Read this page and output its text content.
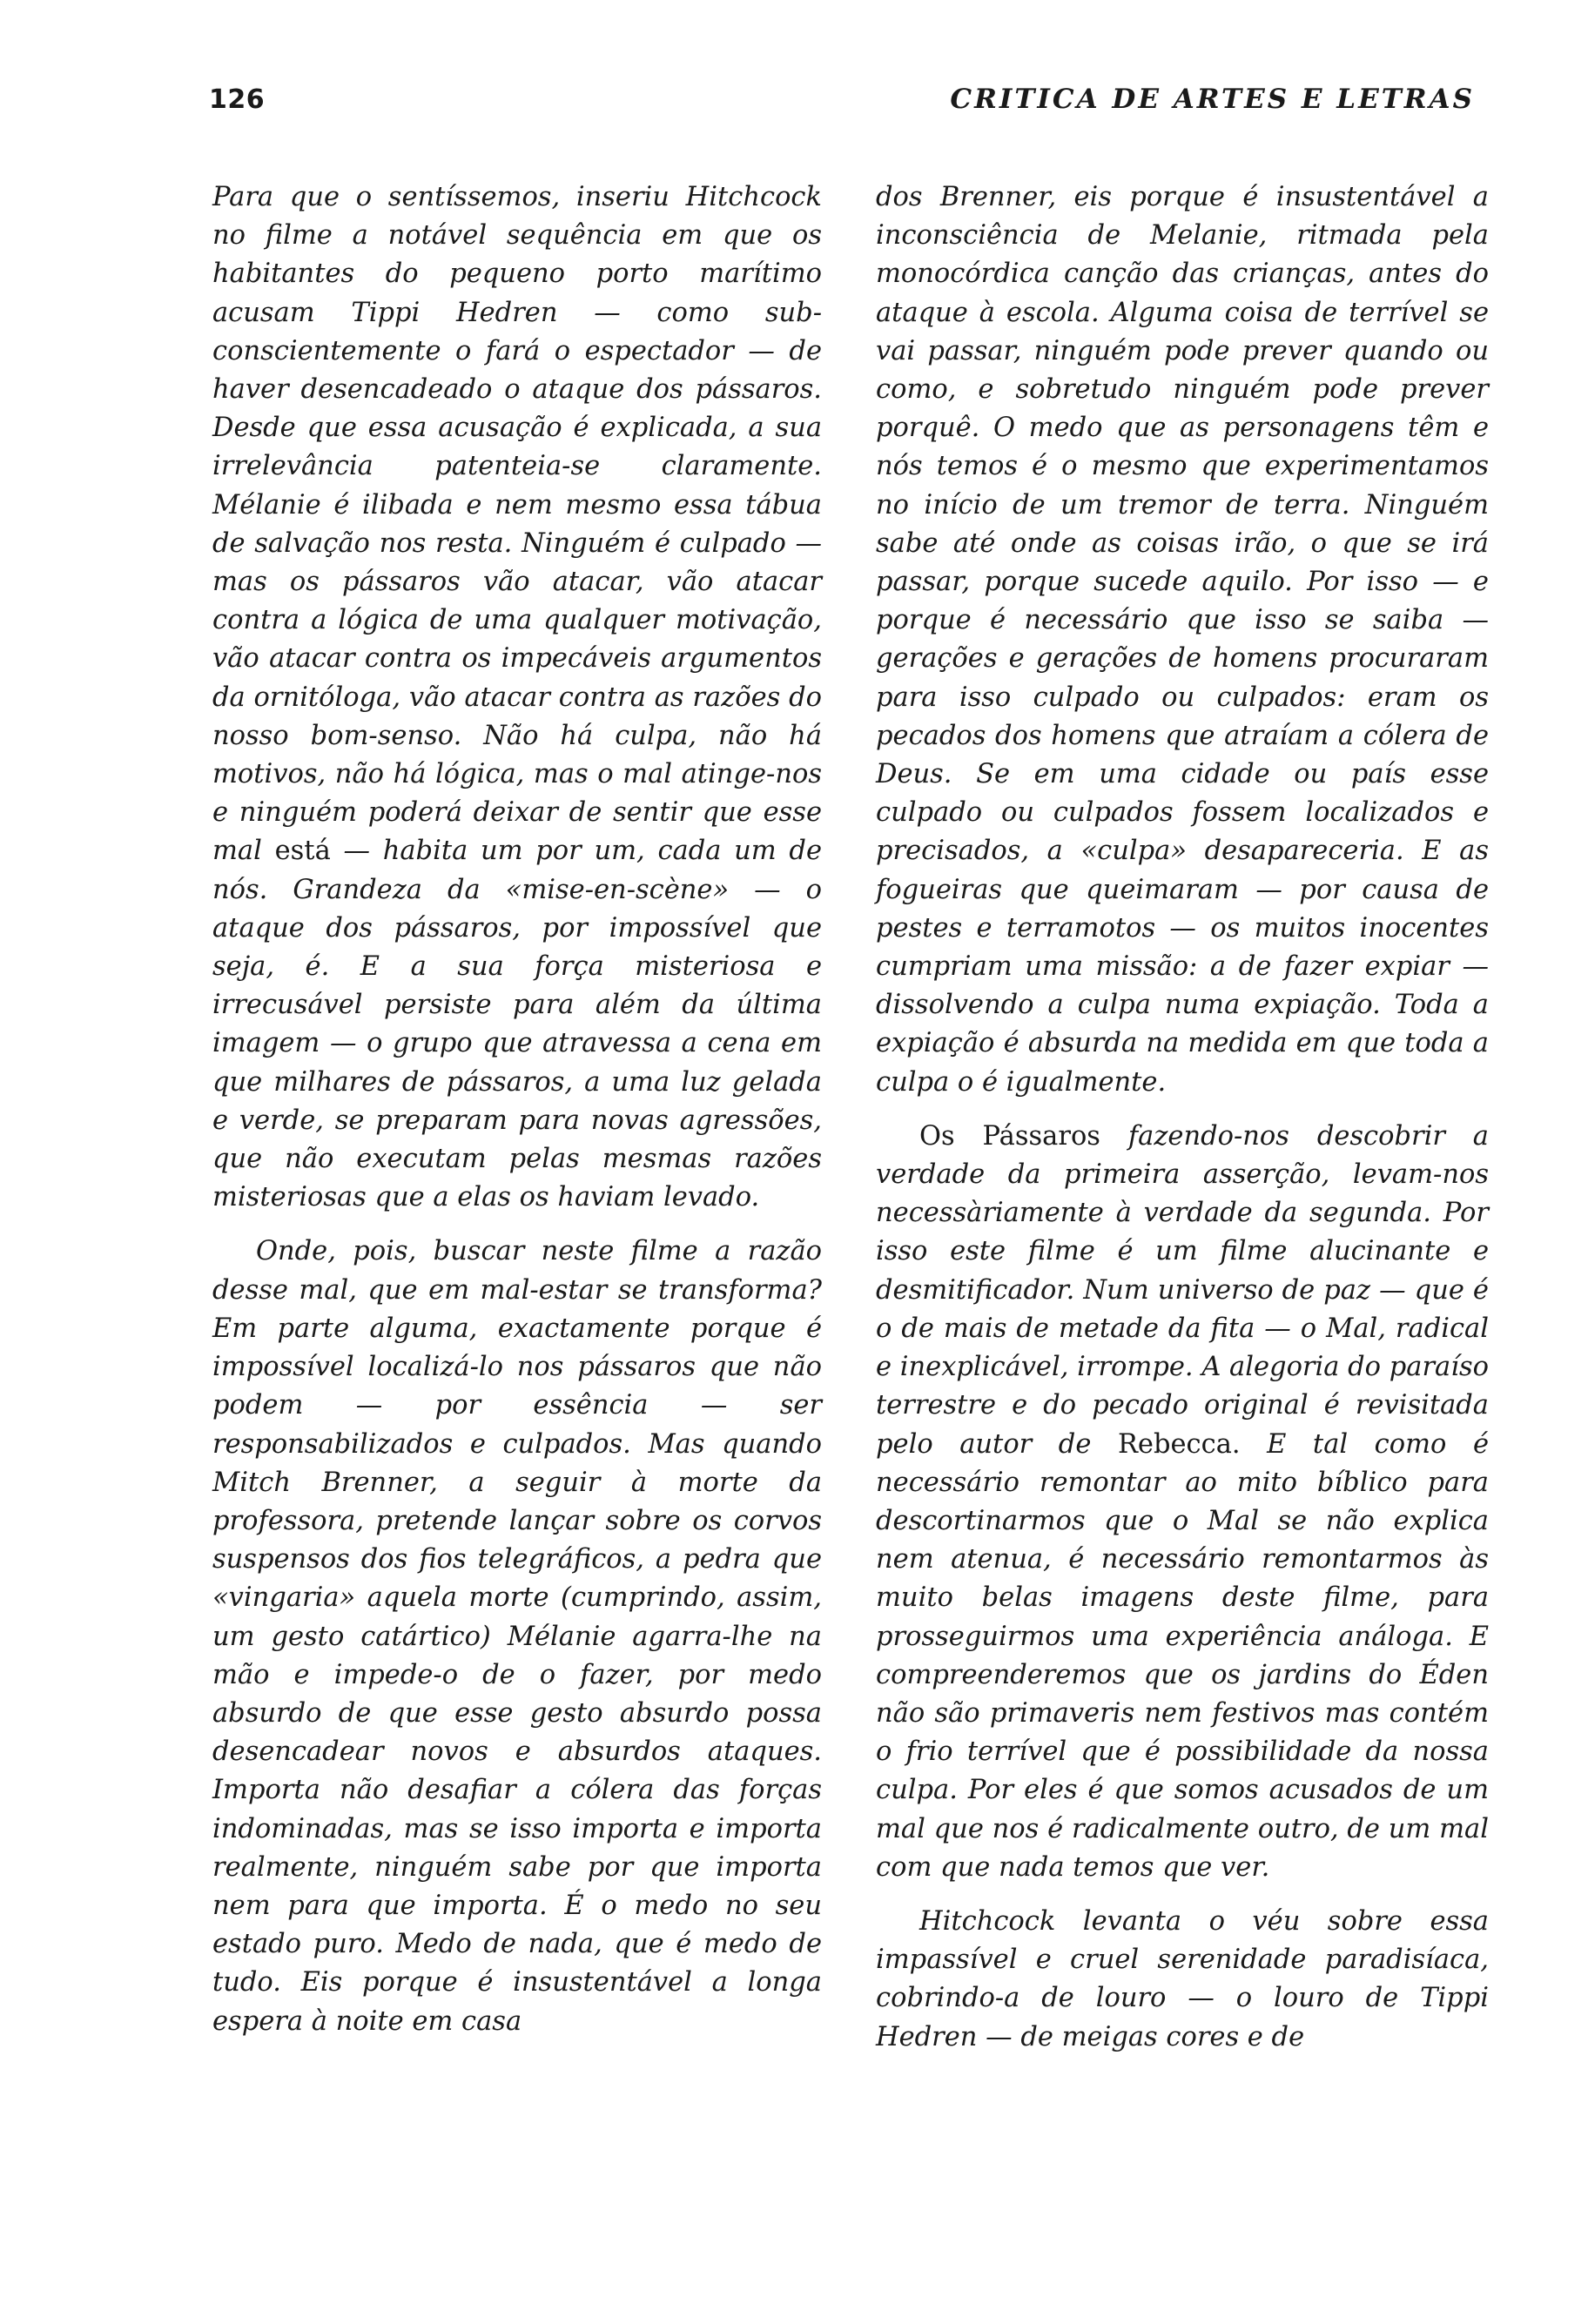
126	CRITICA DE ARTES E LETRAS

Para que o sentíssemos, inseriu Hitchcock no filme a notável sequência em que os habitantes do pequeno porto marítimo acusam Tippi Hedren — como sub-conscientemente o fará o espectador — de haver desencadeado o ataque dos pássaros. Desde que essa acusação é explicada, a sua irrelevância patenteia-se claramente. Mélanie é ilibada e nem mesmo essa tábua de salvação nos resta. Ninguém é culpado — mas os pássaros vão atacar, vão atacar contra a lógica de uma qualquer motivação, vão atacar contra os impecáveis argumentos da ornitóloga, vão atacar contra as razões do nosso bom-senso. Não há culpa, não há motivos, não há lógica, mas o mal atinge-nos e ninguém poderá deixar de sentir que esse mal está — habita um por um, cada um de nós. Grandeza da «mise-en-scène» — o ataque dos pássaros, por impossível que seja, é. E a sua força misteriosa e irrecusável persiste para além da última imagem — o grupo que atravessa a cena em que milhares de pássaros, a uma luz gelada e verde, se preparam para novas agressões, que não executam pelas mesmas razões misteriosas que a elas os haviam levado.

Onde, pois, buscar neste filme a razão desse mal, que em mal-estar se transforma? Em parte alguma, exactamente porque é impossível localizá-lo nos pássaros que não podem — por essência — ser responsabilizados e culpados. Mas quando Mitch Brenner, a seguir à morte da professora, pretende lançar sobre os corvos suspensos dos fios telegráficos, a pedra que «vingaria» aquela morte (cumprindo, assim, um gesto catártico) Mélanie agarra-lhe na mão e impede-o de o fazer, por medo absurdo de que esse gesto absurdo possa desencadear novos e absurdos ataques. Importa não desafiar a cólera das forças indominadas, mas se isso importa e importa realmente, ninguém sabe por que importa nem para que importa. É o medo no seu estado puro. Medo de nada, que é medo de tudo. Eis porque é insustentável a longa espera à noite em casa

dos Brenner, eis porque é insustentável a inconsciência de Melanie, ritmada pela monocórdica canção das crianças, antes do ataque à escola. Alguma coisa de terrível se vai passar, ninguém pode prever quando ou como, e sobretudo ninguém pode prever porquê. O medo que as personagens têm e nós temos é o mesmo que experimentamos no início de um tremor de terra. Ninguém sabe até onde as coisas irão, o que se irá passar, porque sucede aquilo. Por isso — e porque é necessário que isso se saiba — gerações e gerações de homens procuraram para isso culpado ou culpados: eram os pecados dos homens que atraíam a cólera de Deus. Se em uma cidade ou país esse culpado ou culpados fossem localizados e precisados, a «culpa» desapareceria. E as fogueiras que queimaram — por causa de pestes e terramotos — os muitos inocentes cumpriam uma missão: a de fazer expiar — dissolvendo a culpa numa expiação. Toda a expiação é absurda na medida em que toda a culpa o é igualmente.

Os Pássaros fazendo-nos descobrir a verdade da primeira asserção, levam-nos necessàriamente à verdade da segunda. Por isso este filme é um filme alucinante e desmitificador. Num universo de paz — que é o de mais de metade da fita — o Mal, radical e inexplicável, irrompe. A alegoria do paraíso terrestre e do pecado original é revisitada pelo autor de Rebecca. E tal como é necessário remontar ao mito bíblico para descortinarmos que o Mal se não explica nem atenua, é necessário remontarmos às muito belas imagens deste filme, para prosseguirmos uma experiência análoga. E compreenderemos que os jardins do Éden não são primaveris nem festivos mas contém o frio terrível que é possibilidade da nossa culpa. Por eles é que somos acusados de um mal que nos é radicalmente outro, de um mal com que nada temos que ver.

Hitchcock levanta o véu sobre essa impassível e cruel serenidade paradisíaca, cobrindo-a de louro — o louro de Tippi Hedren — de meigas cores e de
